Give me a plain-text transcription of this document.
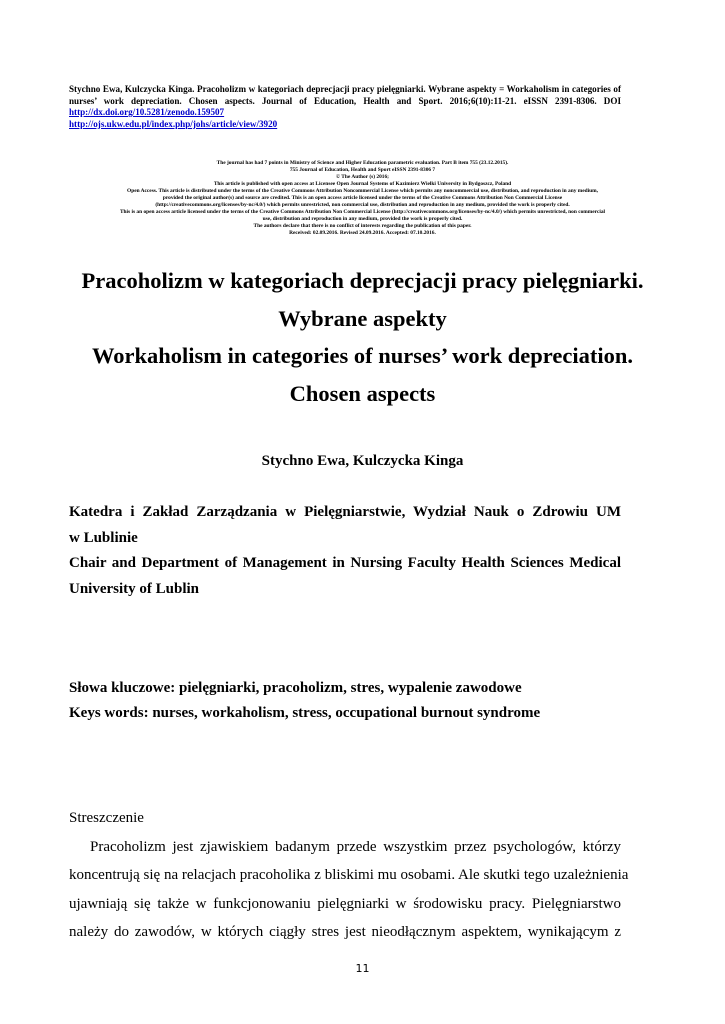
Stychno Ewa, Kulczycka Kinga. Pracoholizm w kategoriach deprecjacji pracy pielęgniarki. Wybrane aspekty = Workaholism in categories of nurses’ work depreciation. Chosen aspects. Journal of Education, Health and Sport. 2016;6(10):11-21. eISSN 2391-8306. DOI http://dx.doi.org/10.5281/zenodo.159507
http://ojs.ukw.edu.pl/index.php/johs/article/view/3920
The journal has had 7 points in Ministry of Science and Higher Education parametric evaluation. Part B item 755 (23.12.2015).
755 Journal of Education, Health and Sport eISSN 2391-8306 7
© The Author (s) 2016;
This article is published with open access at Licensee Open Journal Systems of Kazimierz Wielki University in Bydgoszcz, Poland
Open Access. This article is distributed under the terms of the Creative Commons Attribution Noncommercial License which permits any noncommercial use, distribution, and reproduction in any medium,
provided the original author(s) and source are credited. This is an open access article licensed under the terms of the Creative Commons Attribution Non Commercial License
(http://creativecommons.org/licenses/by-nc/4.0/) which permits unrestricted, non commercial use, distribution and reproduction in any medium, provided the work is properly cited.
This is an open access article licensed under the terms of the Creative Commons Attribution Non Commercial License (http://creativecommons.org/licenses/by-nc/4.0/) which permits unrestricted, non commercial
use, distribution and reproduction in any medium, provided the work is properly cited.
The authors declare that there is no conflict of interests regarding the publication of this paper.
Received: 02.09.2016. Revised 24.09.2016. Accepted: 07.10.2016.
Pracoholizm w kategoriach deprecjacji pracy pielęgniarki.
Wybrane aspekty
Workaholism in categories of nurses’ work depreciation.
Chosen aspects
Stychno Ewa, Kulczycka Kinga

Katedra i Zakład Zarządzania w Pielęgniarstwie, Wydział Nauk o Zdrowiu UM

w Lublinie

Chair and Department of Management in Nursing Faculty Health Sciences Medical

University of Lublin

Słowa kluczowe: pielęgniarki, pracoholizm, stres, wypalenie zawodowe

Keys words: nurses, workaholism, stress, occupational burnout syndrome

Streszczenie

Pracoholizm jest zjawiskiem badanym przede wszystkim przez psychologów, którzy

koncentrują się na relacjach pracoholika z bliskimi mu osobami. Ale skutki tego uzależnienia

ujawniają się także w funkcjonowaniu pielęgniarki w środowisku pracy. Pielęgniarstwo

należy do zawodów, w których ciągły stres jest nieodłącznym aspektem, wynikającym z

11
